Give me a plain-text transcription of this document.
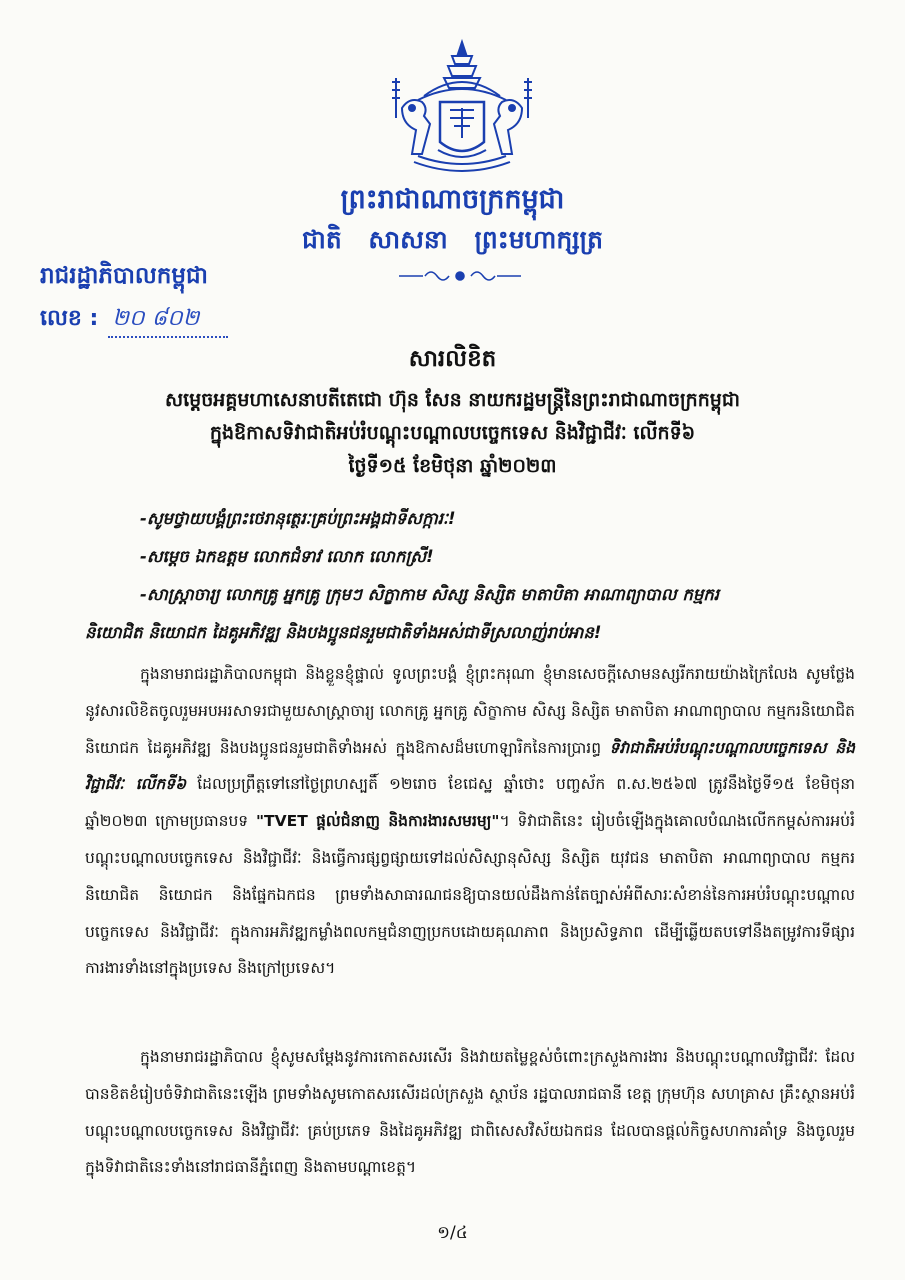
ព្រះរាជាណាចក្រកម្ពុជា
ជាតិ សាសនា ព្រះមហាក្សត្រ
រាជរដ្ឋាភិបាលកម្ពុជា
លេខ : ២០ ៨០២
សារលិខិត
សម្តេចអគ្គមហាសេនាបតីតេជោ ហ៊ុន សែន នាយករដ្ឋមន្ត្រីនៃព្រះរាជាណាចក្រកម្ពុជា
ក្នុងឱកាសទិវាជាតិអប់រំបណ្តុះបណ្តាលបច្ចេកទេស និងវិជ្ជាជីវៈ លើកទី៦
ថ្ងៃទី១៥ ខែមិថុនា ឆ្នាំ២០២៣
-សូមថ្វាយបង្គំព្រះថេរានុត្ថេរៈគ្រប់ព្រះអង្គជាទីសក្ការៈ!
-សម្តេច ឯកឧត្តម លោកជំទាវ លោក លោកស្រី!
-សាស្ត្រាចារ្យ លោកគ្រូ អ្នកគ្រូ ក្រុមៗ សិក្ខាកាម សិស្ស និស្សិត មាតាបិតា អាណាព្យាបាល កម្មករ
និយោជិត និយោជក ដៃគូអភិវឌ្ឍ និងបងប្អូនជនរួមជាតិទាំងអស់ជាទីស្រលាញ់រាប់អាន!
ក្នុងនាមរាជរដ្ឋាភិបាលកម្ពុជា និងខ្លួនខ្ញុំផ្ទាល់ ទូលព្រះបង្គំ ខ្ញុំព្រះករុណា ខ្ញុំមានសេចក្តីសោមនស្សរីករាយយ៉ាងក្រៃលែង សូមថ្លែងនូវសារលិខិតចូលរួមអបអរសាទរជាមួយសាស្ត្រាចារ្យ លោកគ្រូ អ្នកគ្រូ សិក្ខាកាម សិស្ស និស្សិត មាតាបិតា អាណាព្យាបាល កម្មករនិយោជិត និយោជក ដៃគូអភិវឌ្ឍ និងបងប្អូនជនរួមជាតិទាំងអស់ ក្នុងឱកាសដ៏មហោឡារិកនៃការប្រារព្ធ ទិវាជាតិអប់រំបណ្តុះបណ្តាលបច្ចេកទេស និងវិជ្ជាជីវៈ លើកទី៦ ដែលប្រព្រឹត្តទៅនៅថ្ងៃព្រហស្បតិ៍ ១២រោច ខែជេស្ឋ ឆ្នាំថោះ បញ្ចស័ក ព.ស.២៥៦៧ ត្រូវនឹងថ្ងៃទី១៥ ខែមិថុនា ឆ្នាំ២០២៣ ក្រោមប្រធានបទ "TVET ផ្តល់ជំនាញ និងការងារសមរម្យ"។ ទិវាជាតិនេះ រៀបចំឡើងក្នុងគោលបំណងលើកកម្ពស់ការអប់រំបណ្តុះបណ្តាលបច្ចេកទេស និងវិជ្ជាជីវៈ និងធ្វើការផ្សព្វផ្សាយទៅដល់សិស្សានុសិស្ស និស្សិត យុវជន មាតាបិតា អាណាព្យាបាល កម្មករនិយោជិត និយោជក និងផ្នែកឯកជន ព្រមទាំងសាធារណជនឱ្យបានយល់ដឹងកាន់តែច្បាស់អំពីសារៈសំខាន់នៃការអប់រំបណ្តុះបណ្តាលបច្ចេកទេស និងវិជ្ជាជីវៈ ក្នុងការអភិវឌ្ឍកម្លាំងពលកម្មជំនាញប្រកបដោយគុណភាព និងប្រសិទ្ធភាព ដើម្បីឆ្លើយតបទៅនឹងតម្រូវការទីផ្សារការងារទាំងនៅក្នុងប្រទេស និងក្រៅប្រទេស។
ក្នុងនាមរាជរដ្ឋាភិបាល ខ្ញុំសូមសម្តែងនូវការកោតសរសើរ និងវាយតម្លៃខ្ពស់ចំពោះក្រសួងការងារ និងបណ្តុះបណ្តាលវិជ្ជាជីវៈ ដែលបានខិតខំរៀបចំទិវាជាតិនេះឡើង ព្រមទាំងសូមកោតសរសើរដល់ក្រសួង ស្ថាប័ន រដ្ឋបាលរាជធានី ខេត្ត ក្រុមហ៊ុន សហគ្រាស គ្រឹះស្ថានអប់រំបណ្តុះបណ្តាលបច្ចេកទេស និងវិជ្ជាជីវៈ គ្រប់ប្រភេទ និងដៃគូអភិវឌ្ឍ ជាពិសេសវិស័យឯកជន ដែលបានផ្តល់កិច្ចសហការគាំទ្រ និងចូលរួមក្នុងទិវាជាតិនេះទាំងនៅរាជធានីភ្នំពេញ និងតាមបណ្តាខេត្ត។
១/៤
